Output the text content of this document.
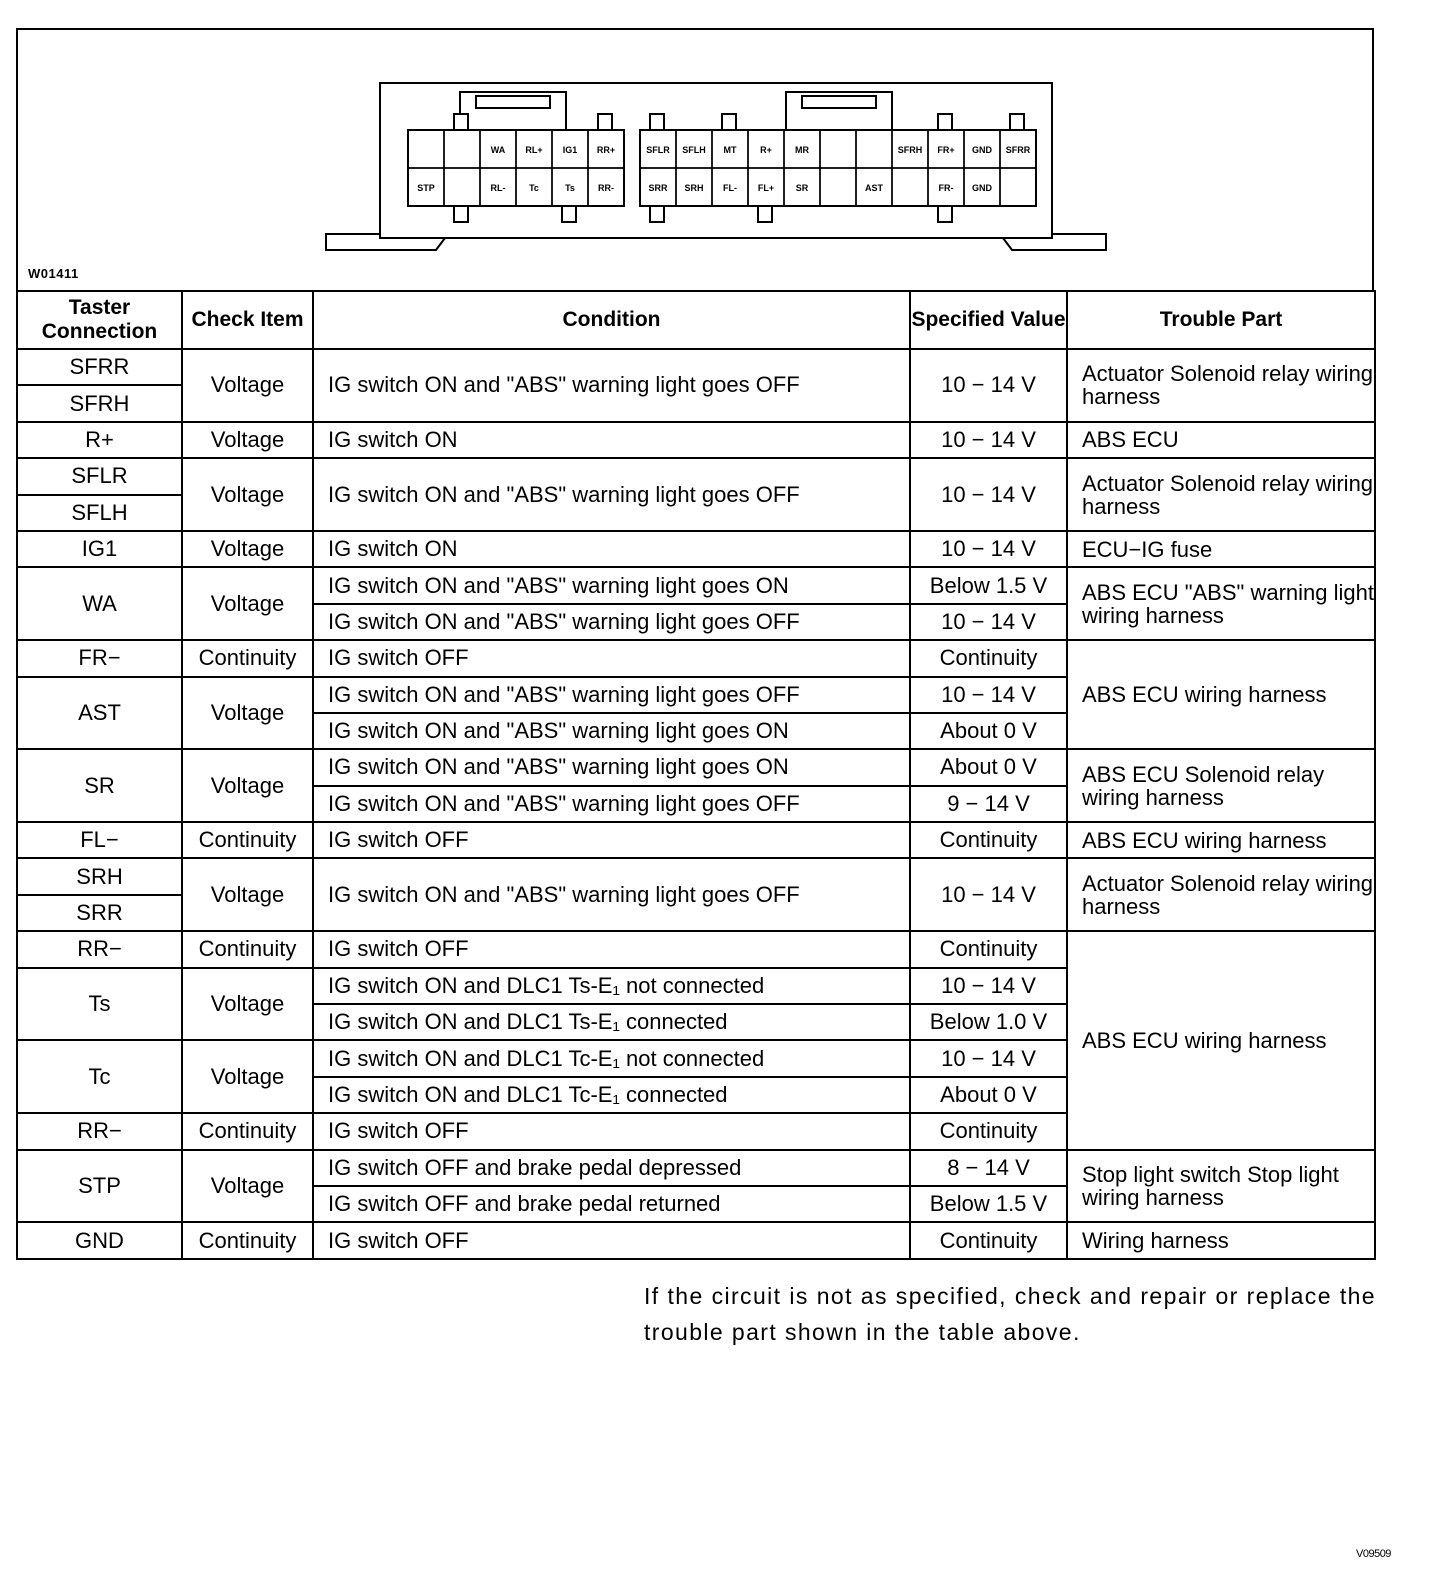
WA RL+ IG1 RR+
STP	RL-	Tc	Ts	RR-
SFLR SFLH MT	R+	MR	SFRH FR+ GND SFRR
SRR SRH FL- FL+ SR	AST	FR- GND
W01411
Taster Connection	Check Item	Condition	Specified Value	Trouble Part
SFRR	Voltage	IG switch ON and "ABS" warning light goes OFF	10 − 14 V	Actuator Solenoid relay wiring harness
SFRH				
R+	Voltage	IG switch ON	10 − 14 V	ABS ECU
SFLR	Voltage	IG switch ON and "ABS" warning light goes OFF	10 − 14 V	Actuator Solenoid relay wiring harness
SFLH				
IG1	Voltage	IG switch ON	10 − 14 V	ECU−IG fuse
WA	Voltage	IG switch ON and "ABS" warning light goes ON	Below 1.5 V	ABS ECU "ABS" warning light wiring harness
		IG switch ON and "ABS" warning light goes OFF	10 − 14 V	
FR−	Continuity	IG switch OFF	Continuity	ABS ECU wiring harness
AST	Voltage	IG switch ON and "ABS" warning light goes OFF	10 − 14 V	
		IG switch ON and "ABS" warning light goes ON	About 0 V	
SR	Voltage	IG switch ON and "ABS" warning light goes ON	About 0 V	ABS ECU Solenoid relay wiring harness
		IG switch ON and "ABS" warning light goes OFF	9 − 14 V	
FL−	Continuity	IG switch OFF	Continuity	ABS ECU wiring harness
SRH	Voltage	IG switch ON and "ABS" warning light goes OFF	10 − 14 V	Actuator Solenoid relay wiring harness
SRR				
RR−	Continuity	IG switch OFF	Continuity	ABS ECU wiring harness
Ts	Voltage	IG switch ON and DLC1 Ts-E₁ not connected	10 − 14 V	
		IG switch ON and DLC1 Ts-E₁ connected	Below 1.0 V	
Tc	Voltage	IG switch ON and DLC1 Tc-E₁ not connected	10 − 14 V	
		IG switch ON and DLC1 Tc-E₁ connected	About 0 V	
RR−	Continuity	IG switch OFF	Continuity	
STP	Voltage	IG switch OFF and brake pedal depressed	8 − 14 V	Stop light switch Stop light wiring harness
		IG switch OFF and brake pedal returned	Below 1.5 V	
GND	Continuity	IG switch OFF	Continuity	Wiring harness
If the circuit is not as specified, check and repair or replace the trouble part shown in the table above.
V09509
